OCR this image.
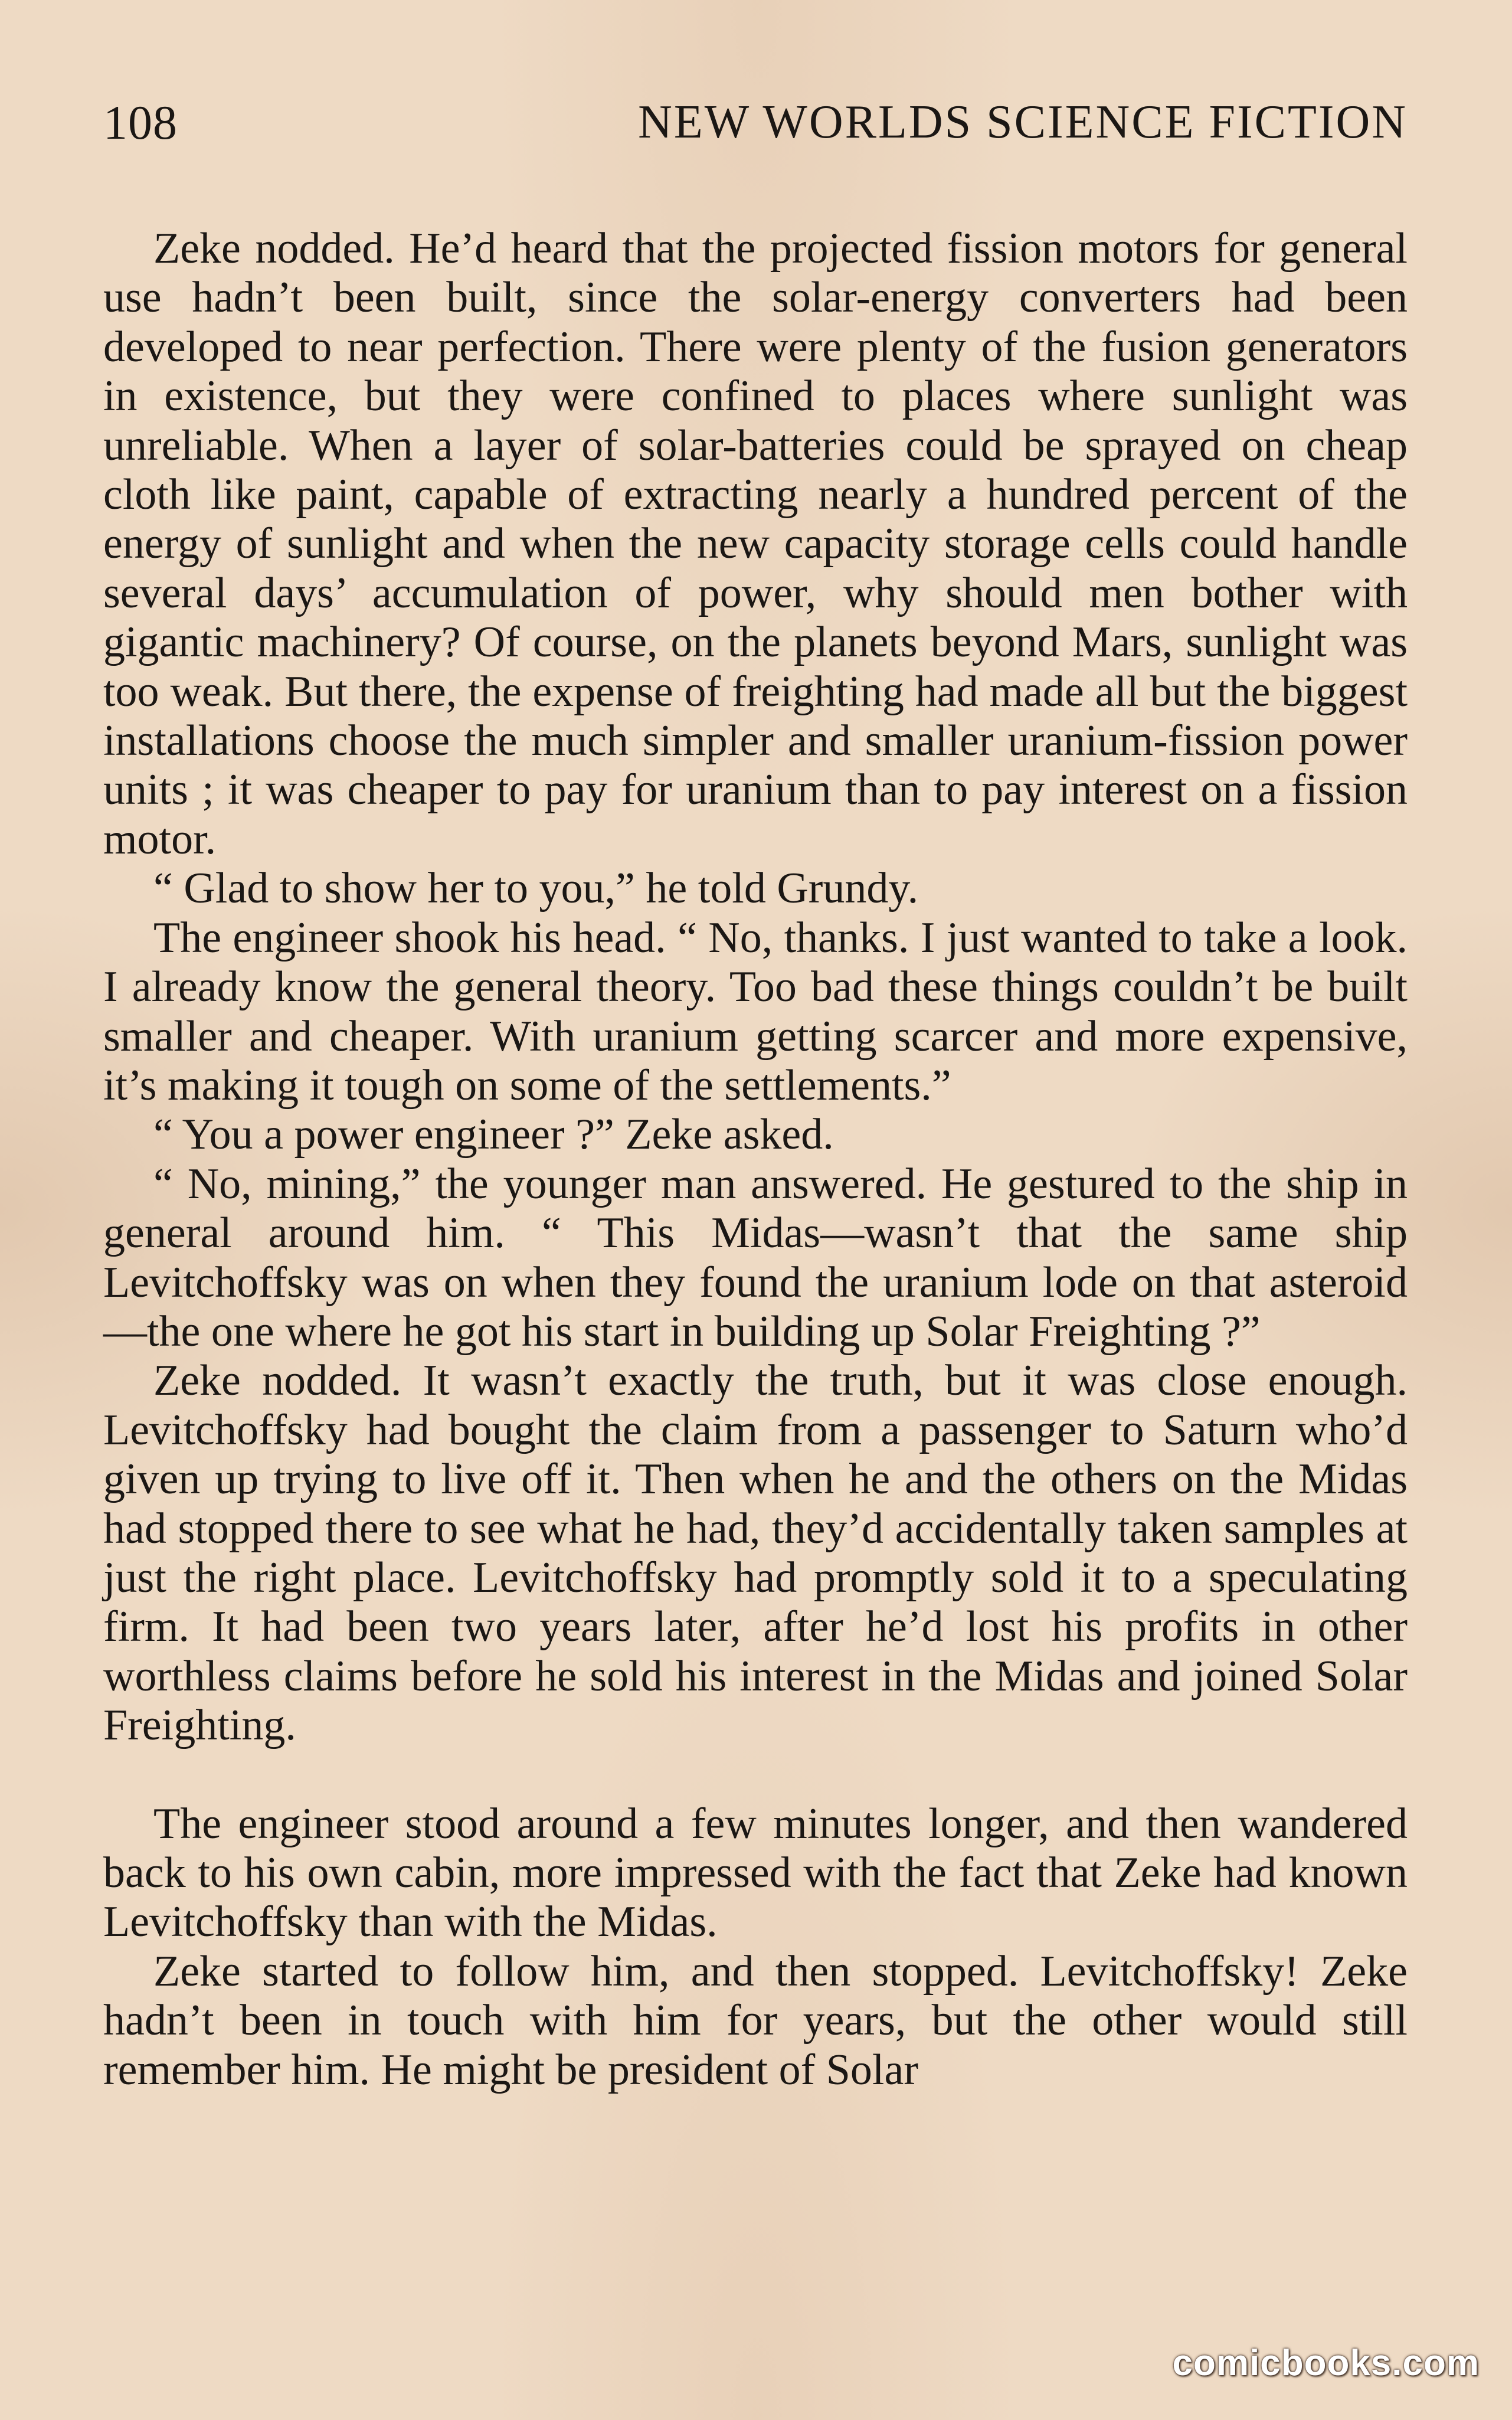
108	NEW WORLDS SCIENCE FICTION

Zeke nodded. He’d heard that the projected fission motors for general use hadn’t been built, since the solar-energy converters had been developed to near perfection. There were plenty of the fusion generators in existence, but they were confined to places where sunlight was unreliable. When a layer of solar-batteries could be sprayed on cheap cloth like paint, capable of extracting nearly a hundred percent of the energy of sunlight and when the new capacity storage cells could handle several days’ accumulation of power, why should men bother with gigantic machinery? Of course, on the planets beyond Mars, sunlight was too weak. But there, the expense of freighting had made all but the biggest installations choose the much simpler and smaller uranium-fission power units ; it was cheaper to pay for uranium than to pay interest on a fission motor.

“ Glad to show her to you,” he told Grundy.

The engineer shook his head. “ No, thanks. I just wanted to take a look. I already know the general theory. Too bad these things couldn’t be built smaller and cheaper. With uranium getting scarcer and more expensive, it’s making it tough on some of the settlements.”

“ You a power engineer ?” Zeke asked.

“ No, mining,” the younger man answered. He gestured to the ship in general around him. “ This Midas—wasn’t that the same ship Levitchoffsky was on when they found the uranium lode on that asteroid—the one where he got his start in building up Solar Freighting ?”

Zeke nodded. It wasn’t exactly the truth, but it was close enough. Levitchoffsky had bought the claim from a passenger to Saturn who’d given up trying to live off it. Then when he and the others on the Midas had stopped there to see what he had, they’d accidentally taken samples at just the right place. Levitchoffsky had promptly sold it to a speculating firm. It had been two years later, after he’d lost his profits in other worthless claims before he sold his interest in the Midas and joined Solar Freighting.

The engineer stood around a few minutes longer, and then wandered back to his own cabin, more impressed with the fact that Zeke had known Levitchoffsky than with the Midas.

Zeke started to follow him, and then stopped. Levitchoffsky! Zeke hadn’t been in touch with him for years, but the other would still remember him. He might be president of Solar

comicbooks.com
